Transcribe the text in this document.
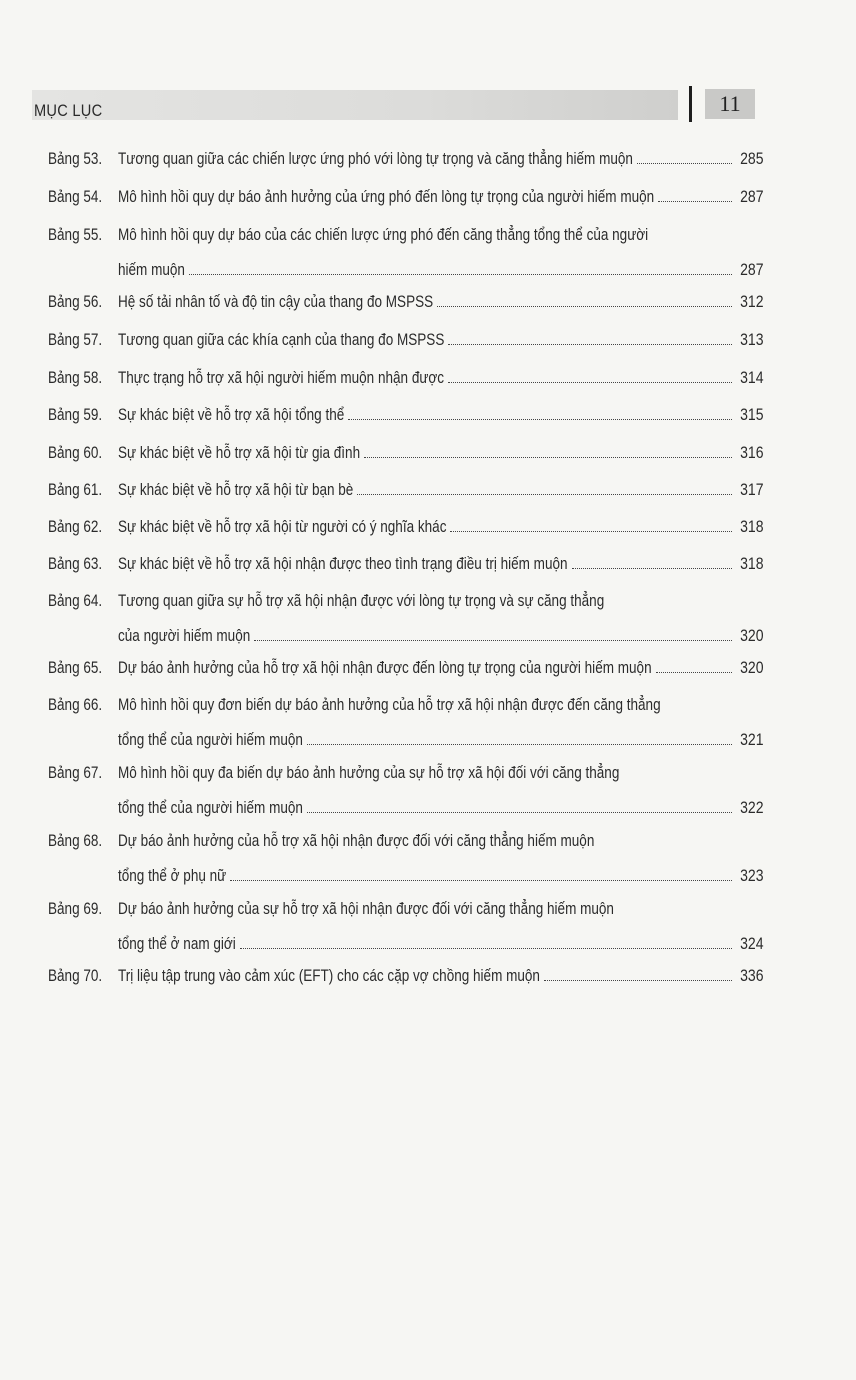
MỤC LỤC	11
Bảng 53. Tương quan giữa các chiến lược ứng phó với lòng tự trọng và căng thẳng hiếm muộn	285
Bảng 54. Mô hình hồi quy dự báo ảnh hưởng của ứng phó đến lòng tự trọng của người hiếm muộn	287
Bảng 55. Mô hình hồi quy dự báo của các chiến lược ứng phó đến căng thẳng tổng thể của người
hiếm muộn	287
Bảng 56. Hệ số tải nhân tố và độ tin cậy của thang đo MSPSS	312
Bảng 57. Tương quan giữa các khía cạnh của thang đo MSPSS	313
Bảng 58. Thực trạng hỗ trợ xã hội người hiếm muộn nhận được	314
Bảng 59. Sự khác biệt về hỗ trợ xã hội tổng thể	315
Bảng 60. Sự khác biệt về hỗ trợ xã hội từ gia đình	316
Bảng 61. Sự khác biệt về hỗ trợ xã hội từ bạn bè	317
Bảng 62. Sự khác biệt về hỗ trợ xã hội từ người có ý nghĩa khác	318
Bảng 63. Sự khác biệt về hỗ trợ xã hội nhận được theo tình trạng điều trị hiếm muộn	318
Bảng 64. Tương quan giữa sự hỗ trợ xã hội nhận được với lòng tự trọng và sự căng thẳng
của người hiếm muộn	320
Bảng 65. Dự báo ảnh hưởng của hỗ trợ xã hội nhận được đến lòng tự trọng của người hiếm muộn	320
Bảng 66. Mô hình hồi quy đơn biến dự báo ảnh hưởng của hỗ trợ xã hội nhận được đến căng thẳng
tổng thể của người hiếm muộn	321
Bảng 67. Mô hình hồi quy đa biến dự báo ảnh hưởng của sự hỗ trợ xã hội đối với căng thẳng
tổng thể của người hiếm muộn	322
Bảng 68. Dự báo ảnh hưởng của hỗ trợ xã hội nhận được đối với căng thẳng hiếm muộn
tổng thể ở phụ nữ	323
Bảng 69. Dự báo ảnh hưởng của sự hỗ trợ xã hội nhận được đối với căng thẳng hiếm muộn
tổng thể ở nam giới	324
Bảng 70. Trị liệu tập trung vào cảm xúc (EFT) cho các cặp vợ chồng hiếm muộn	336
